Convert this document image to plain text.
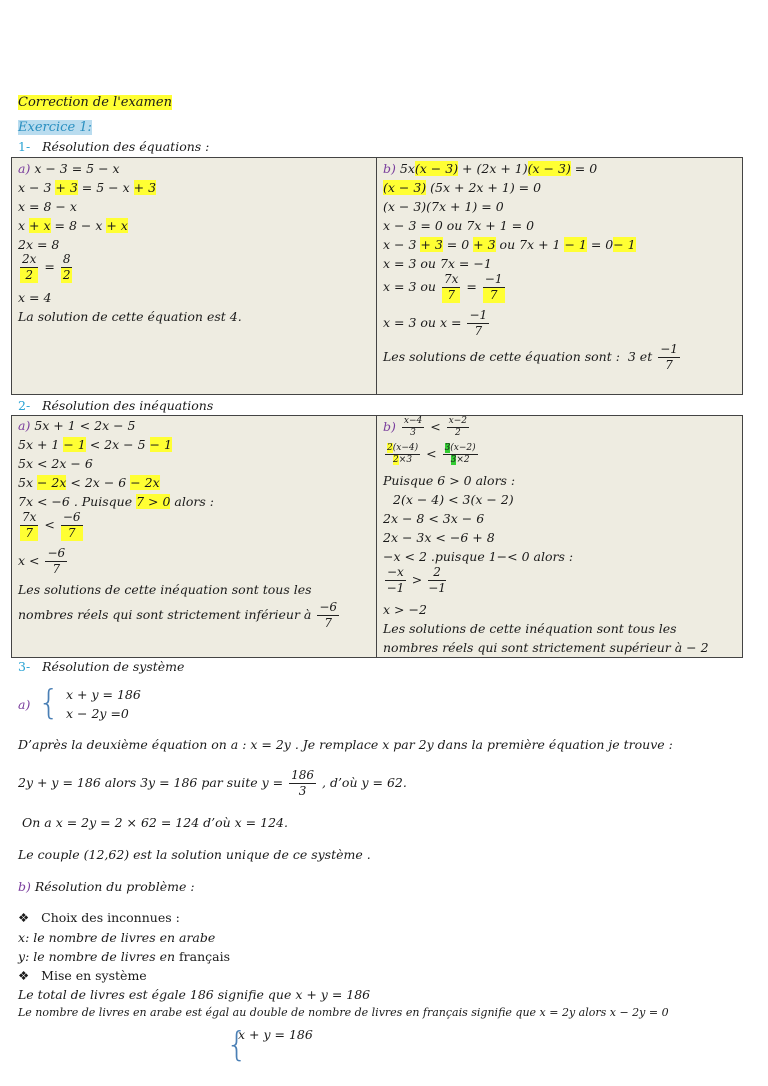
Correction de l'examen
Exercice 1:
1- Résolution des équations :
a) x − 3 = 5 − x
x − 3 + 3 = 5 − x + 3
x = 8 − x
x + x = 8 − x + x
2x = 8
$\frac{2x}{2} = \frac{8}{2}$
x = 4
La solution de cette équation est 4.
b) 5x(x − 3) + (2x + 1)(x − 3) = 0
(x − 3) (5x + 2x + 1) = 0
(x − 3)(7x + 1) = 0
x − 3 = 0 ou 7x + 1 = 0
x − 3 + 3 = 0 + 3 ou 7x + 1 − 1 = 0− 1
x = 3 ou 7x = −1
x = 3 ou $\frac{7x}{7} = \frac{-1}{7}$
x = 3 ou $x = \frac{-1}{7}$
Les solutions de cette équation sont : 3 et $\frac{-1}{7}$
2- Résolution des inéquations
a) 5x + 1 < 2x − 5
5x + 1 − 1 < 2x − 5 − 1
5x < 2x − 6
5x − 2x < 2x − 6 − 2x
7x < −6 . Puisque 7 > 0 alors :
$\frac{7x}{7} < \frac{-6}{7}$
$x < \frac{-6}{7}$
Les solutions de cette inéquation sont tous les
nombres réels qui sont strictement inférieur à $\frac{-6}{7}$
$b) \frac{x-4}{3} < \frac{x-2}{2}$
$\frac{2(x-4)}{2\times 3} < \frac{3(x-2)}{3\times 2}$
Puisque 6 > 0 alors :
2(x − 4) < 3(x − 2)
2x − 8 < 3x − 6
2x − 3x < −6 + 8
−x < 2 .puisque 1−< 0 alors :
$\frac{-x}{-1} > \frac{2}{-1}$
x > −2
Les solutions de cette inéquation sont tous les
nombres réels qui sont strictement supérieur à − 2
3- Résolution de système
a) { x + y = 186
x − 2y =0
D’après la deuxième équation on a : x = 2y . Je remplace x par 2y dans la première équation je trouve :
2y + y = 186 alors 3y = 186 par suite $y = \frac{186}{3}$ , d’où y = 62.
On a x = 2y = 2 × 62 = 124 d’où x = 124.
Le couple (12,62) est la solution unique de ce système .
b) Résolution du problème :
❖ Choix des inconnues :
x: le nombre de livres en arabe
y: le nombre de livres en français
❖ Mise en système
Le total de livres est égale 186 signifie que x + y = 186
Le nombre de livres en arabe est égal au double de nombre de livres en français signifie que x = 2y alors x − 2y = 0
{
x + y = 186
